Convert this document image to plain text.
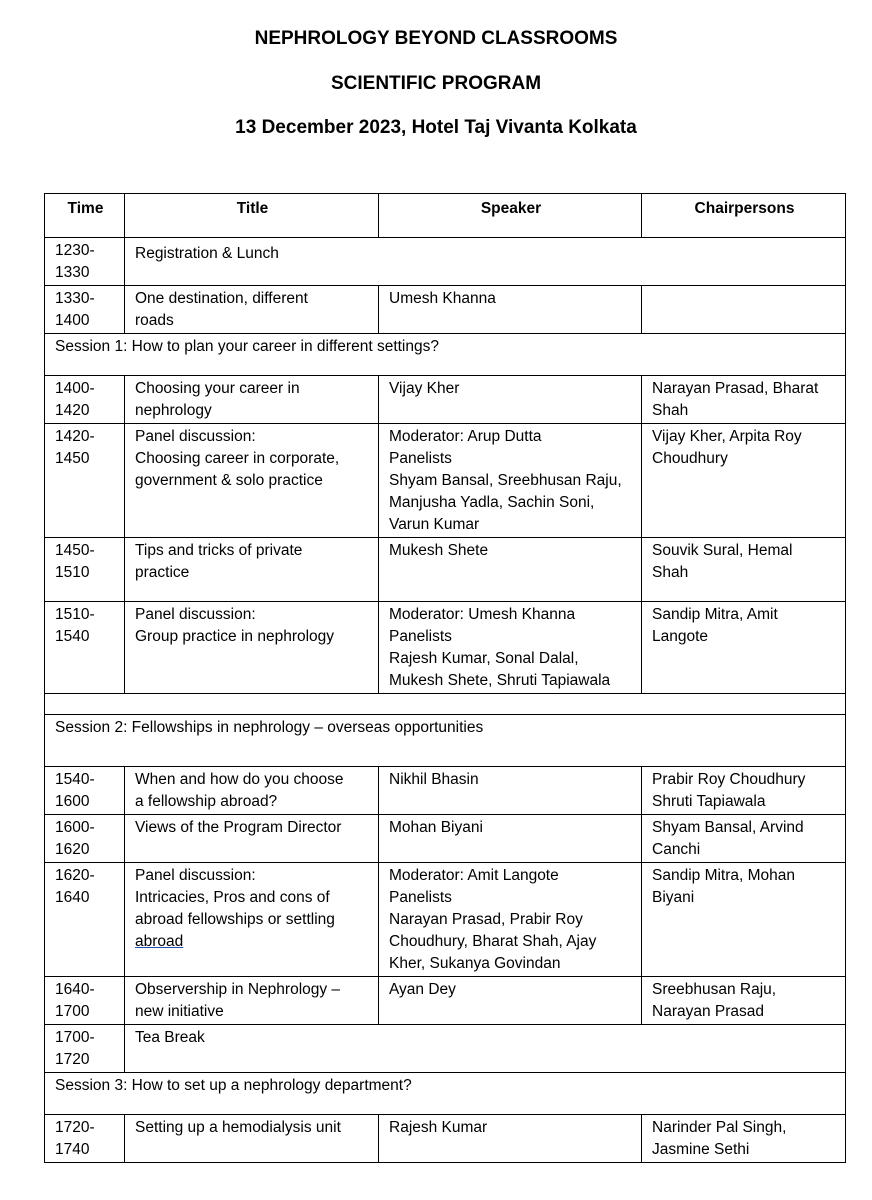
NEPHROLOGY BEYOND CLASSROOMS
SCIENTIFIC PROGRAM
13 December 2023, Hotel Taj Vivanta Kolkata
Time	Title	Speaker	Chairpersons

1230-
1330	Registration & Lunch		

1330-
1400	One destination, different
roads	Umesh Khanna	

Session 1: How to plan your career in different settings?			

1400-
1420	Choosing your career in
nephrology	Vijay Kher	Narayan Prasad, Bharat
Shah

1420-
1450	Panel discussion:
Choosing career in corporate,
government & solo practice	Moderator: Arup Dutta
Panelists
Shyam Bansal, Sreebhusan Raju,
Manjusha Yadla, Sachin Soni,
Varun Kumar	Vijay Kher, Arpita Roy
Choudhury

1450-
1510	Tips and tricks of private
practice	Mukesh Shete	Souvik Sural, Hemal
Shah

1510-
1540	Panel discussion:
Group practice in nephrology	Moderator: Umesh Khanna
Panelists
Rajesh Kumar, Sonal Dalal,
Mukesh Shete, Shruti Tapiawala	Sandip Mitra, Amit
Langote

Session 2: Fellowships in nephrology – overseas opportunities			

1540-
1600	When and how do you choose
a fellowship abroad?	Nikhil Bhasin	Prabir Roy Choudhury
Shruti Tapiawala

1600-
1620	Views of the Program Director	Mohan Biyani	Shyam Bansal, Arvind
Canchi

1620-
1640	Panel discussion:
Intricacies, Pros and cons of
abroad fellowships or settling
abroad	Moderator: Amit Langote
Panelists
Narayan Prasad, Prabir Roy
Choudhury, Bharat Shah, Ajay
Kher, Sukanya Govindan	Sandip Mitra, Mohan
Biyani

1640-
1700	Observership in Nephrology –
new initiative	Ayan Dey	Sreebhusan Raju,
Narayan Prasad

1700-
1720	Tea Break		
Session 3: How to set up a nephrology department?			

1720-
1740	Setting up a hemodialysis unit	Rajesh Kumar	Narinder Pal Singh,
Jasmine Sethi
